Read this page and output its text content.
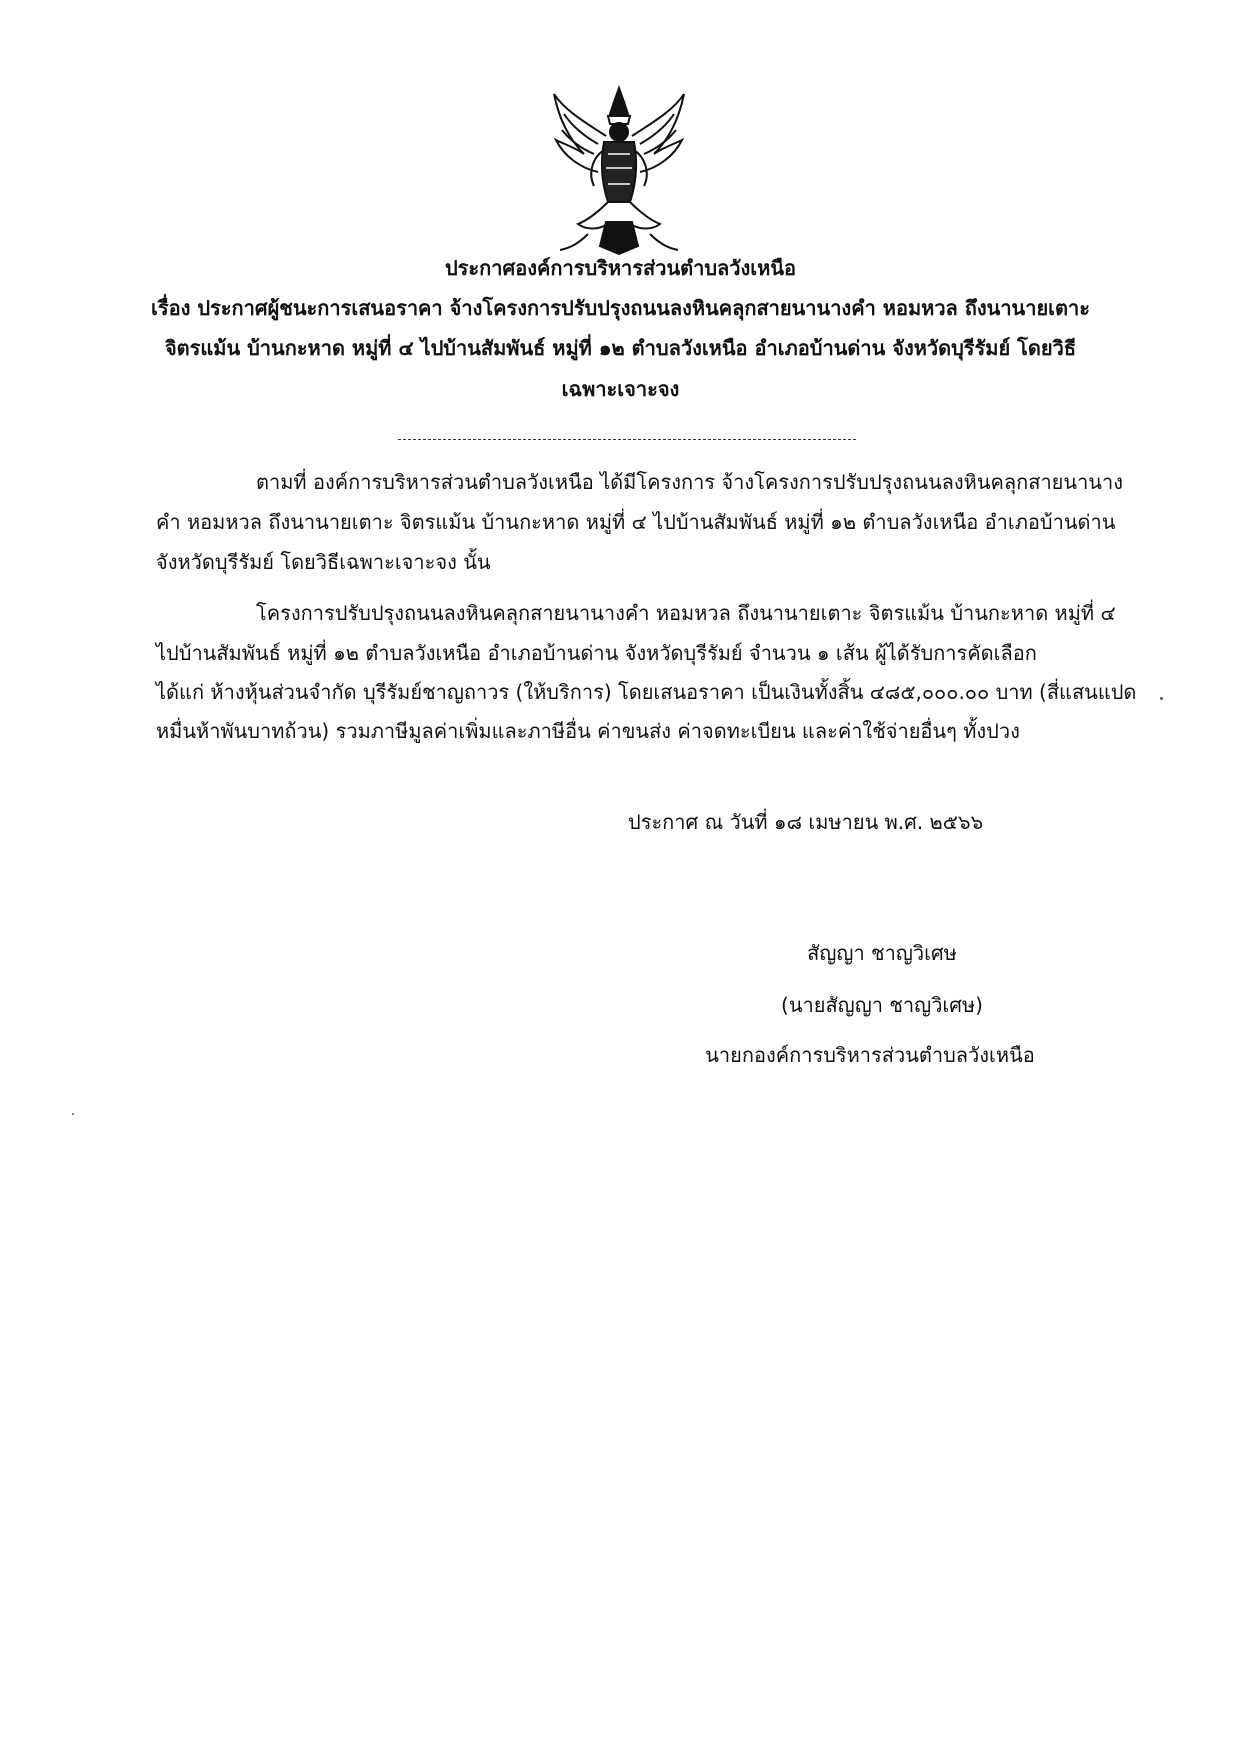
ประกาศองค์การบริหารส่วนตำบลวังเหนือ
เรื่อง ประกาศผู้ชนะการเสนอราคา จ้างโครงการปรับปรุงถนนลงหินคลุกสายนานางคำ หอมหวล ถึงนานายเตาะ
จิตรแม้น บ้านกะหาด หมู่ที่ ๔ ไปบ้านสัมพันธ์ หมู่ที่ ๑๒ ตำบลวังเหนือ อำเภอบ้านด่าน จังหวัดบุรีรัมย์ โดยวิธี
เฉพาะเจาะจง
ตามที่ องค์การบริหารส่วนตำบลวังเหนือ ได้มีโครงการ จ้างโครงการปรับปรุงถนนลงหินคลุกสายนานาง
คำ หอมหวล ถึงนานายเตาะ จิตรแม้น บ้านกะหาด หมู่ที่ ๔ ไปบ้านสัมพันธ์ หมู่ที่ ๑๒ ตำบลวังเหนือ อำเภอบ้านด่าน
จังหวัดบุรีรัมย์ โดยวิธีเฉพาะเจาะจง นั้น
โครงการปรับปรุงถนนลงหินคลุกสายนานางคำ หอมหวล ถึงนานายเตาะ จิตรแม้น บ้านกะหาด หมู่ที่ ๔
ไปบ้านสัมพันธ์ หมู่ที่ ๑๒ ตำบลวังเหนือ อำเภอบ้านด่าน จังหวัดบุรีรัมย์ จำนวน ๑ เส้น ผู้ได้รับการคัดเลือก
ได้แก่ ห้างหุ้นส่วนจำกัด บุรีรัมย์ชาญถาวร (ให้บริการ) โดยเสนอราคา เป็นเงินทั้งสิ้น ๔๘๕,๐๐๐.๐๐ บาท (สี่แสนแปด
หมื่นห้าพันบาทถ้วน) รวมภาษีมูลค่าเพิ่มและภาษีอื่น ค่าขนส่ง ค่าจดทะเบียน และค่าใช้จ่ายอื่นๆ ทั้งปวง
ประกาศ ณ วันที่ ๑๘ เมษายน พ.ศ. ๒๕๖๖
สัญญา ชาญวิเศษ
(นายสัญญา ชาญวิเศษ)
นายกองค์การบริหารส่วนตำบลวังเหนือ
